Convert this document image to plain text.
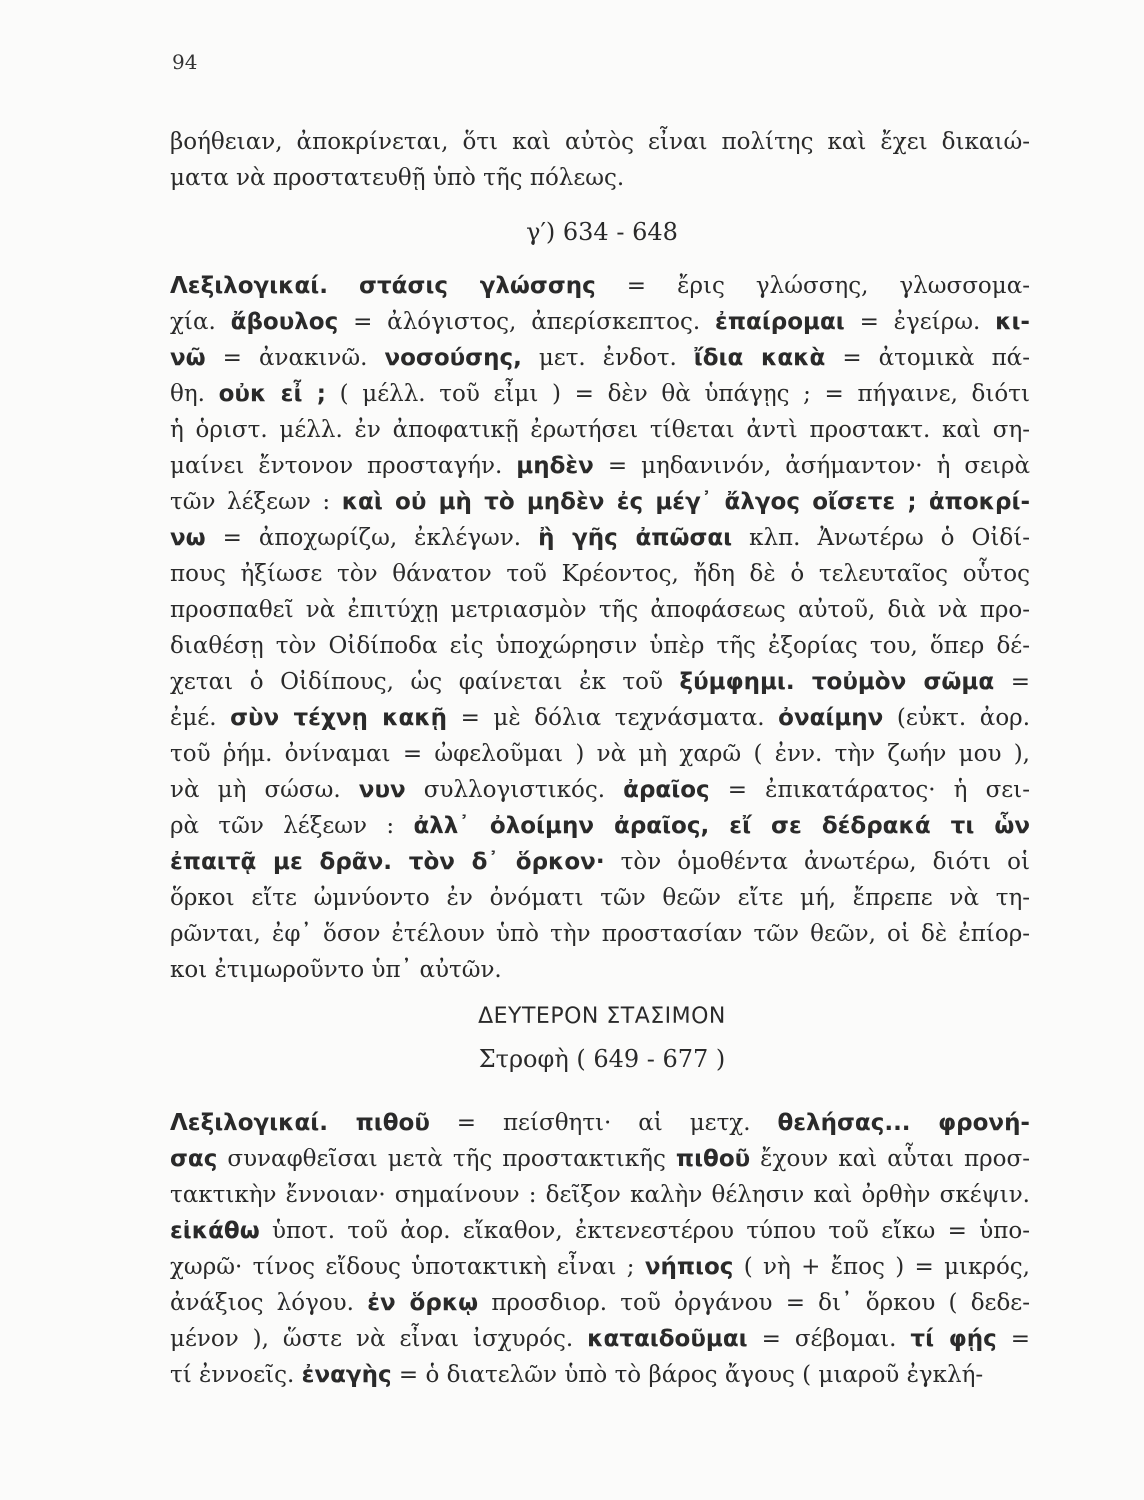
94
βοήθειαν, ἀποκρίνεται, ὅτι καὶ αὐτὸς εἶναι πολίτης καὶ ἔχει δικαιώ-
ματα νὰ προστατευθῇ ὑπὸ τῆς πόλεως.
γ′) 634 - 648
Λεξιλογικαί. στάσις γλώσσης = ἔρις γλώσσης, γλωσσομα-
χία. ἄβουλος = ἀλόγιστος, ἀπερίσκεπτος. ἐπαίρομαι = ἐγείρω. κι-
νῶ = ἀνακινῶ. νοσούσης, μετ. ἐνδοτ. ἴδια κακὰ = ἀτομικὰ πά-
θη. οὐκ εἶ ; ( μέλλ. τοῦ εἶμι ) = δὲν θὰ ὑπάγῃς ; = πήγαινε, διότι
ἡ ὁριστ. μέλλ. ἐν ἀποφατικῇ ἐρωτήσει τίθεται ἀντὶ προστακτ. καὶ ση-
μαίνει ἔντονον προσταγήν. μηδὲν = μηδανινόν, ἀσήμαντον· ἡ σειρὰ
τῶν λέξεων : καὶ οὐ μὴ τὸ μηδὲν ἐς μέγ᾽ ἄλγος οἴσετε ; ἀποκρί-
νω = ἀποχωρίζω, ἐκλέγων. ἢ γῆς ἀπῶσαι κλπ. Ἀνωτέρω ὁ Οἰδί-
πους ἠξίωσε τὸν θάνατον τοῦ Κρέοντος, ἤδη δὲ ὁ τελευταῖος οὗτος
προσπαθεῖ νὰ ἐπιτύχῃ μετριασμὸν τῆς ἀποφάσεως αὐτοῦ, διὰ νὰ προ-
διαθέσῃ τὸν Οἰδίποδα εἰς ὑποχώρησιν ὑπὲρ τῆς ἐξορίας του, ὅπερ δέ-
χεται ὁ Οἰδίπους, ὡς φαίνεται ἐκ τοῦ ξύμφημι. τοὐμὸν σῶμα =
ἐμέ. σὺν τέχνῃ κακῇ = μὲ δόλια τεχνάσματα. ὀναίμην (εὐκτ. ἀορ.
τοῦ ῥήμ. ὀνίναμαι = ὠφελοῦμαι ) νὰ μὴ χαρῶ ( ἐνν. τὴν ζωήν μου ),
νὰ μὴ σώσω. νυν συλλογιστικός. ἀραῖος = ἐπικατάρατος· ἡ σει-
ρὰ τῶν λέξεων : ἀλλ᾽ ὀλοίμην ἀραῖος, εἴ σε δέδρακά τι ὧν
ἐπαιτᾷ με δρᾶν. τὸν δ᾽ ὅρκον· τὸν ὁμοθέντα ἀνωτέρω, διότι οἱ
ὅρκοι εἴτε ὠμνύοντο ἐν ὀνόματι τῶν θεῶν εἴτε μή, ἔπρεπε νὰ τη-
ρῶνται, ἐφ᾽ ὅσον ἐτέλουν ὑπὸ τὴν προστασίαν τῶν θεῶν, οἱ δὲ ἐπίορ-
κοι ἐτιμωροῦντο ὑπ᾽ αὐτῶν.
ΔΕΥΤΕΡΟΝ ΣΤΑΣΙΜΟΝ
Στροφὴ ( 649 - 677 )
Λεξιλογικαί. πιθοῦ = πείσθητι· αἱ μετχ. θελήσας... φρονή-
σας συναφθεῖσαι μετὰ τῆς προστακτικῆς πιθοῦ ἔχουν καὶ αὗται προσ-
τακτικὴν ἔννοιαν· σημαίνουν : δεῖξον καλὴν θέλησιν καὶ ὀρθὴν σκέψιν.
εἰκάθω ὑποτ. τοῦ ἀορ. εἴκαθον, ἐκτενεστέρου τύπου τοῦ εἴκω = ὑπο-
χωρῶ· τίνος εἴδους ὑποτακτικὴ εἶναι ; νήπιος ( νὴ + ἔπος ) = μικρός,
ἀνάξιος λόγου. ἐν ὅρκῳ προσδιορ. τοῦ ὀργάνου = δι᾽ ὅρκου ( δεδε-
μένον ), ὥστε νὰ εἶναι ἰσχυρός. καταιδοῦμαι = σέβομαι. τί φῄς =
τί ἐννοεῖς. ἐναγὴς = ὁ διατελῶν ὑπὸ τὸ βάρος ἄγους ( μιαροῦ ἐγκλή-
